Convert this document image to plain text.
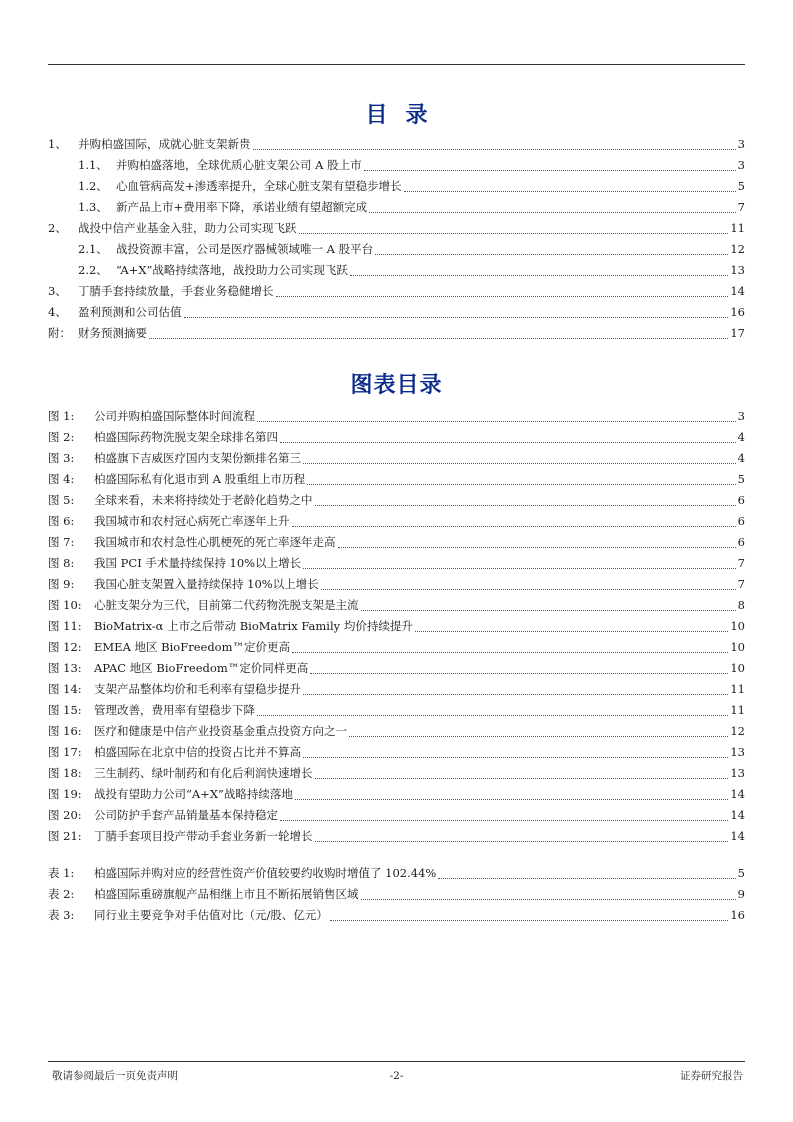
目录
1、 并购柏盛国际，成就心脏支架新贵	3
1.1、 并购柏盛落地，全球优质心脏支架公司 A 股上市	3
1.2、 心血管病高发+渗透率提升，全球心脏支架有望稳步增长	5
1.3、 新产品上市+费用率下降，承诺业绩有望超额完成	7
2、 战投中信产业基金入驻，助力公司实现飞跃	11
2.1、 战投资源丰富，公司是医疗器械领域唯一 A 股平台	12
2.2、 “A+X”战略持续落地，战投助力公司实现飞跃	13
3、 丁腈手套持续放量，手套业务稳健增长	14
4、 盈利预测和公司估值	16
附： 财务预测摘要	17
图表目录
图 1:	公司并购柏盛国际整体时间流程	3
图 2:	柏盛国际药物洗脱支架全球排名第四	4
图 3:	柏盛旗下吉威医疗国内支架份额排名第三	4
图 4:	柏盛国际私有化退市到 A 股重组上市历程	5
图 5:	全球来看，未来将持续处于老龄化趋势之中	6
图 6:	我国城市和农村冠心病死亡率逐年上升	6
图 7:	我国城市和农村急性心肌梗死的死亡率逐年走高	6
图 8:	我国 PCI 手术量持续保持 10%以上增长	7
图 9:	我国心脏支架置入量持续保持 10%以上增长	7
图 10:	心脏支架分为三代，目前第二代药物洗脱支架是主流	8
图 11:	BioMatrix-α 上市之后带动 BioMatrix Family 均价持续提升	10
图 12:	EMEA 地区 BioFreedom™定价更高	10
图 13:	APAC 地区 BioFreedom™定价同样更高	10
图 14:	支架产品整体均价和毛利率有望稳步提升	11
图 15:	管理改善，费用率有望稳步下降	11
图 16:	医疗和健康是中信产业投资基金重点投资方向之一	12
图 17:	柏盛国际在北京中信的投资占比并不算高	13
图 18:	三生制药、绿叶制药和有化后利润快速增长	13
图 19:	战投有望助力公司“A+X”战略持续落地	14
图 20:	公司防护手套产品销量基本保持稳定	14
图 21:	丁腈手套项目投产带动手套业务新一轮增长	14
表 1:	柏盛国际并购对应的经营性资产价值较要约收购时增值了 102.44%	5
表 2:	柏盛国际重磅旗舰产品相继上市且不断拓展销售区域	9
表 3:	同行业主要竞争对手估值对比（元/股、亿元）	16
敬请参阅最后一页免责声明	-2-	证券研究报告
